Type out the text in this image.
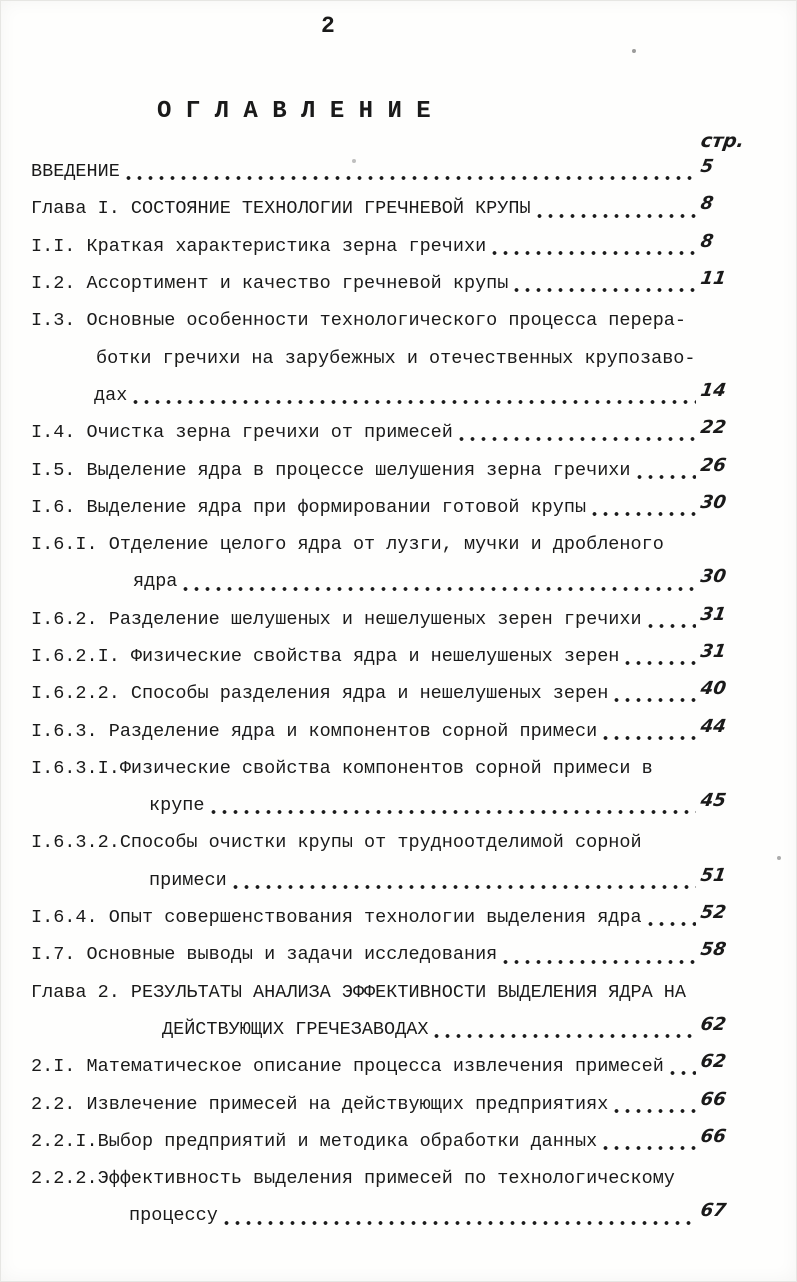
2
О Г Л А В Л Е Н И Е
стр.
ВВЕДЕНИЕ	5
Глава I. СОСТОЯНИЕ ТЕХНОЛОГИИ ГРЕЧНЕВОЙ КРУПЫ	8
I.I. Краткая характеристика зерна гречихи	8
I.2. Ассортимент и качество гречневой крупы	11
I.3. Основные особенности технологического процесса перера-
ботки гречихи на зарубежных и отечественных крупозаво-
дах	14
I.4. Очистка зерна гречихи от примесей	22
I.5. Выделение ядра в процессе шелушения зерна гречихи	26
I.6. Выделение ядра при формировании готовой крупы	30
I.6.I. Отделение целого ядра от лузги, мучки и дробленого
ядра	30
I.6.2. Разделение шелушеных и нешелушеных зерен гречихи	31
I.6.2.I. Физические свойства ядра и нешелушеных зерен	31
I.6.2.2. Способы разделения ядра и нешелушеных зерен	40
I.6.3. Разделение ядра и компонентов сорной примеси	44
I.6.3.I.Физические свойства компонентов сорной примеси в
крупе	45
I.6.3.2.Способы очистки крупы от трудноотделимой сорной
примеси	51
I.6.4. Опыт совершенствования технологии выделения ядра	52
I.7. Основные выводы и задачи исследования	58
Глава 2. РЕЗУЛЬТАТЫ АНАЛИЗА ЭФФЕКТИВНОСТИ ВЫДЕЛЕНИЯ ЯДРА НА
ДЕЙСТВУЮЩИХ ГРЕЧЕЗАВОДАХ	62
2.I. Математическое описание процесса извлечения примесей 62
2.2. Извлечение примесей на действующих предприятиях	66
2.2.I.Выбор предприятий и методика обработки данных	66
2.2.2.Эффективность выделения примесей по технологическому
процессу	67
